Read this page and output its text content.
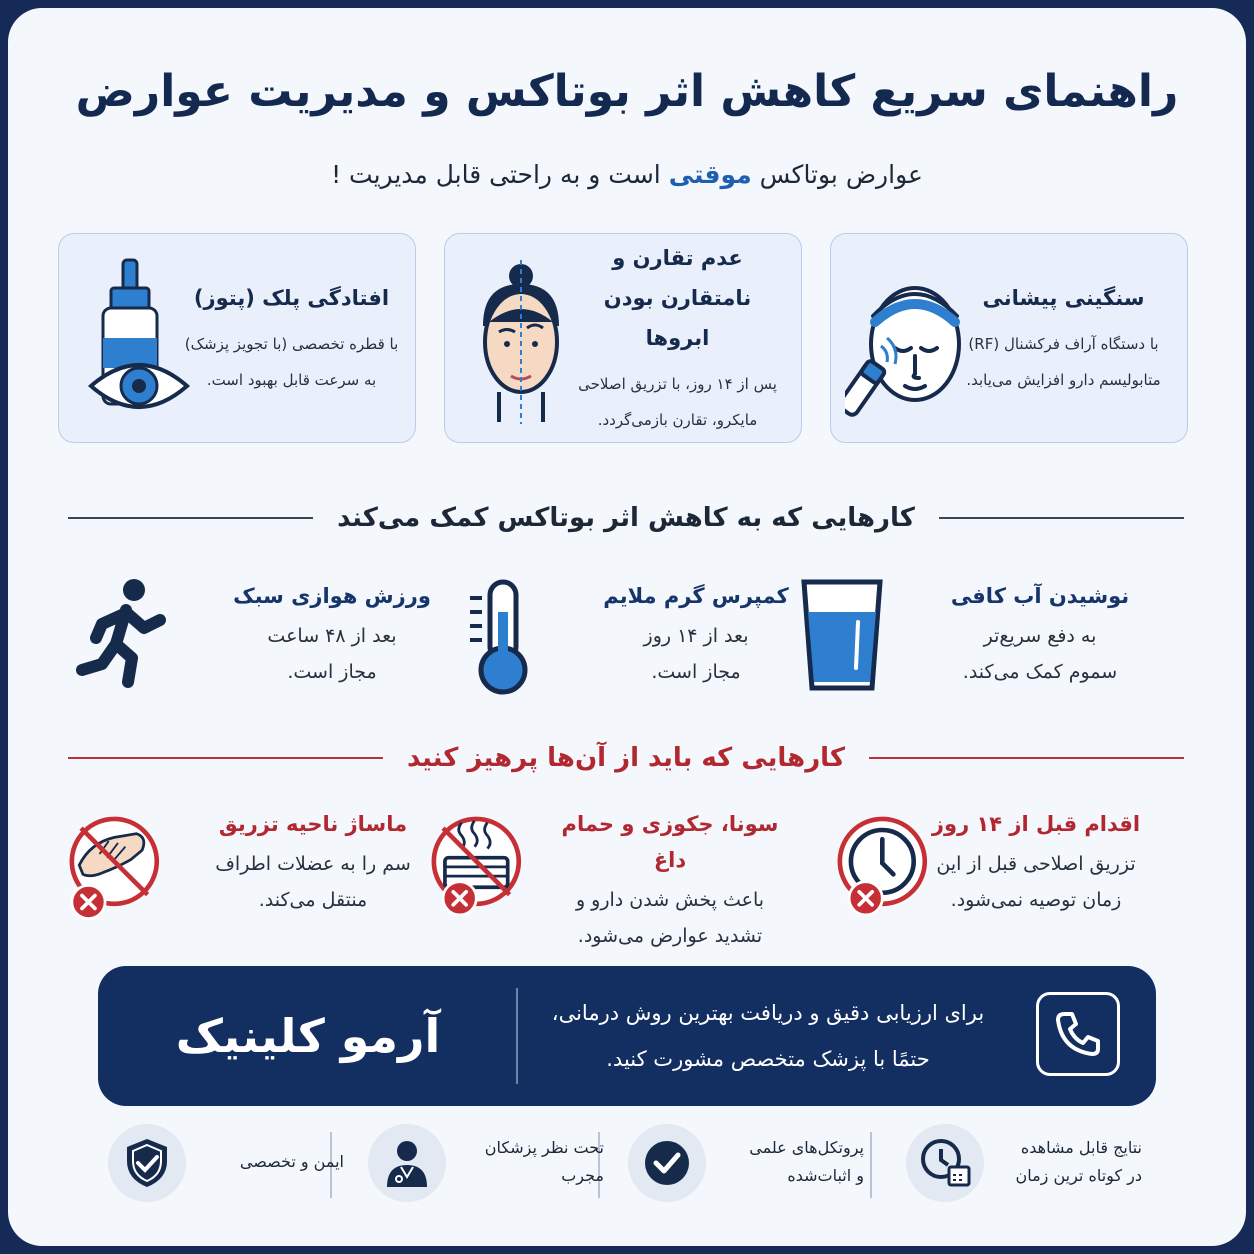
راهنمای سریع کاهش اثر بوتاکس و مدیریت عوارض
عوارض بوتاکس موقتی است و به راحتی قابل مدیریت !
سنگینی پیشانی
با دستگاه آراف فرکشنال (RF)
متابولیسم دارو افزایش می‌یابد.
عدم تقارن و نامتقارن بودن ابروها
پس از ۱۴ روز، با تزریق اصلاحی
مایکرو، تقارن بازمی‌گردد.
افتادگی پلک (پتوز)
با قطره تخصصی (با تجویز پزشک)
به سرعت قابل بهبود است.
کارهایی که به کاهش اثر بوتاکس کمک می‌کند
نوشیدن آب کافی
به دفع سریع‌تر
سموم کمک می‌کند.
کمپرس گرم ملایم
بعد از ۱۴ روز
مجاز است.
ورزش هوازی سبک
بعد از ۴۸ ساعت
مجاز است.
کارهایی که باید از آن‌ها پرهیز کنید
اقدام قبل از ۱۴ روز
تزریق اصلاحی قبل از این
زمان توصیه نمی‌شود.
سونا، جکوزی و حمام داغ
باعث پخش شدن دارو و
تشدید عوارض می‌شود.
ماساژ ناحیه تزریق
سم را به عضلات اطراف
منتقل می‌کند.
آرمو کلینیک	برای ارزیابی دقیق و دریافت بهترین روش درمانی،
حتمًا با پزشک متخصص مشورت کنید.
نتایج قابل مشاهده
در کوتاه ترین زمان
پروتکل‌های علمی
و اثبات‌شده
تحت نظر پزشکان
مجرب
ایمن و تخصصی
